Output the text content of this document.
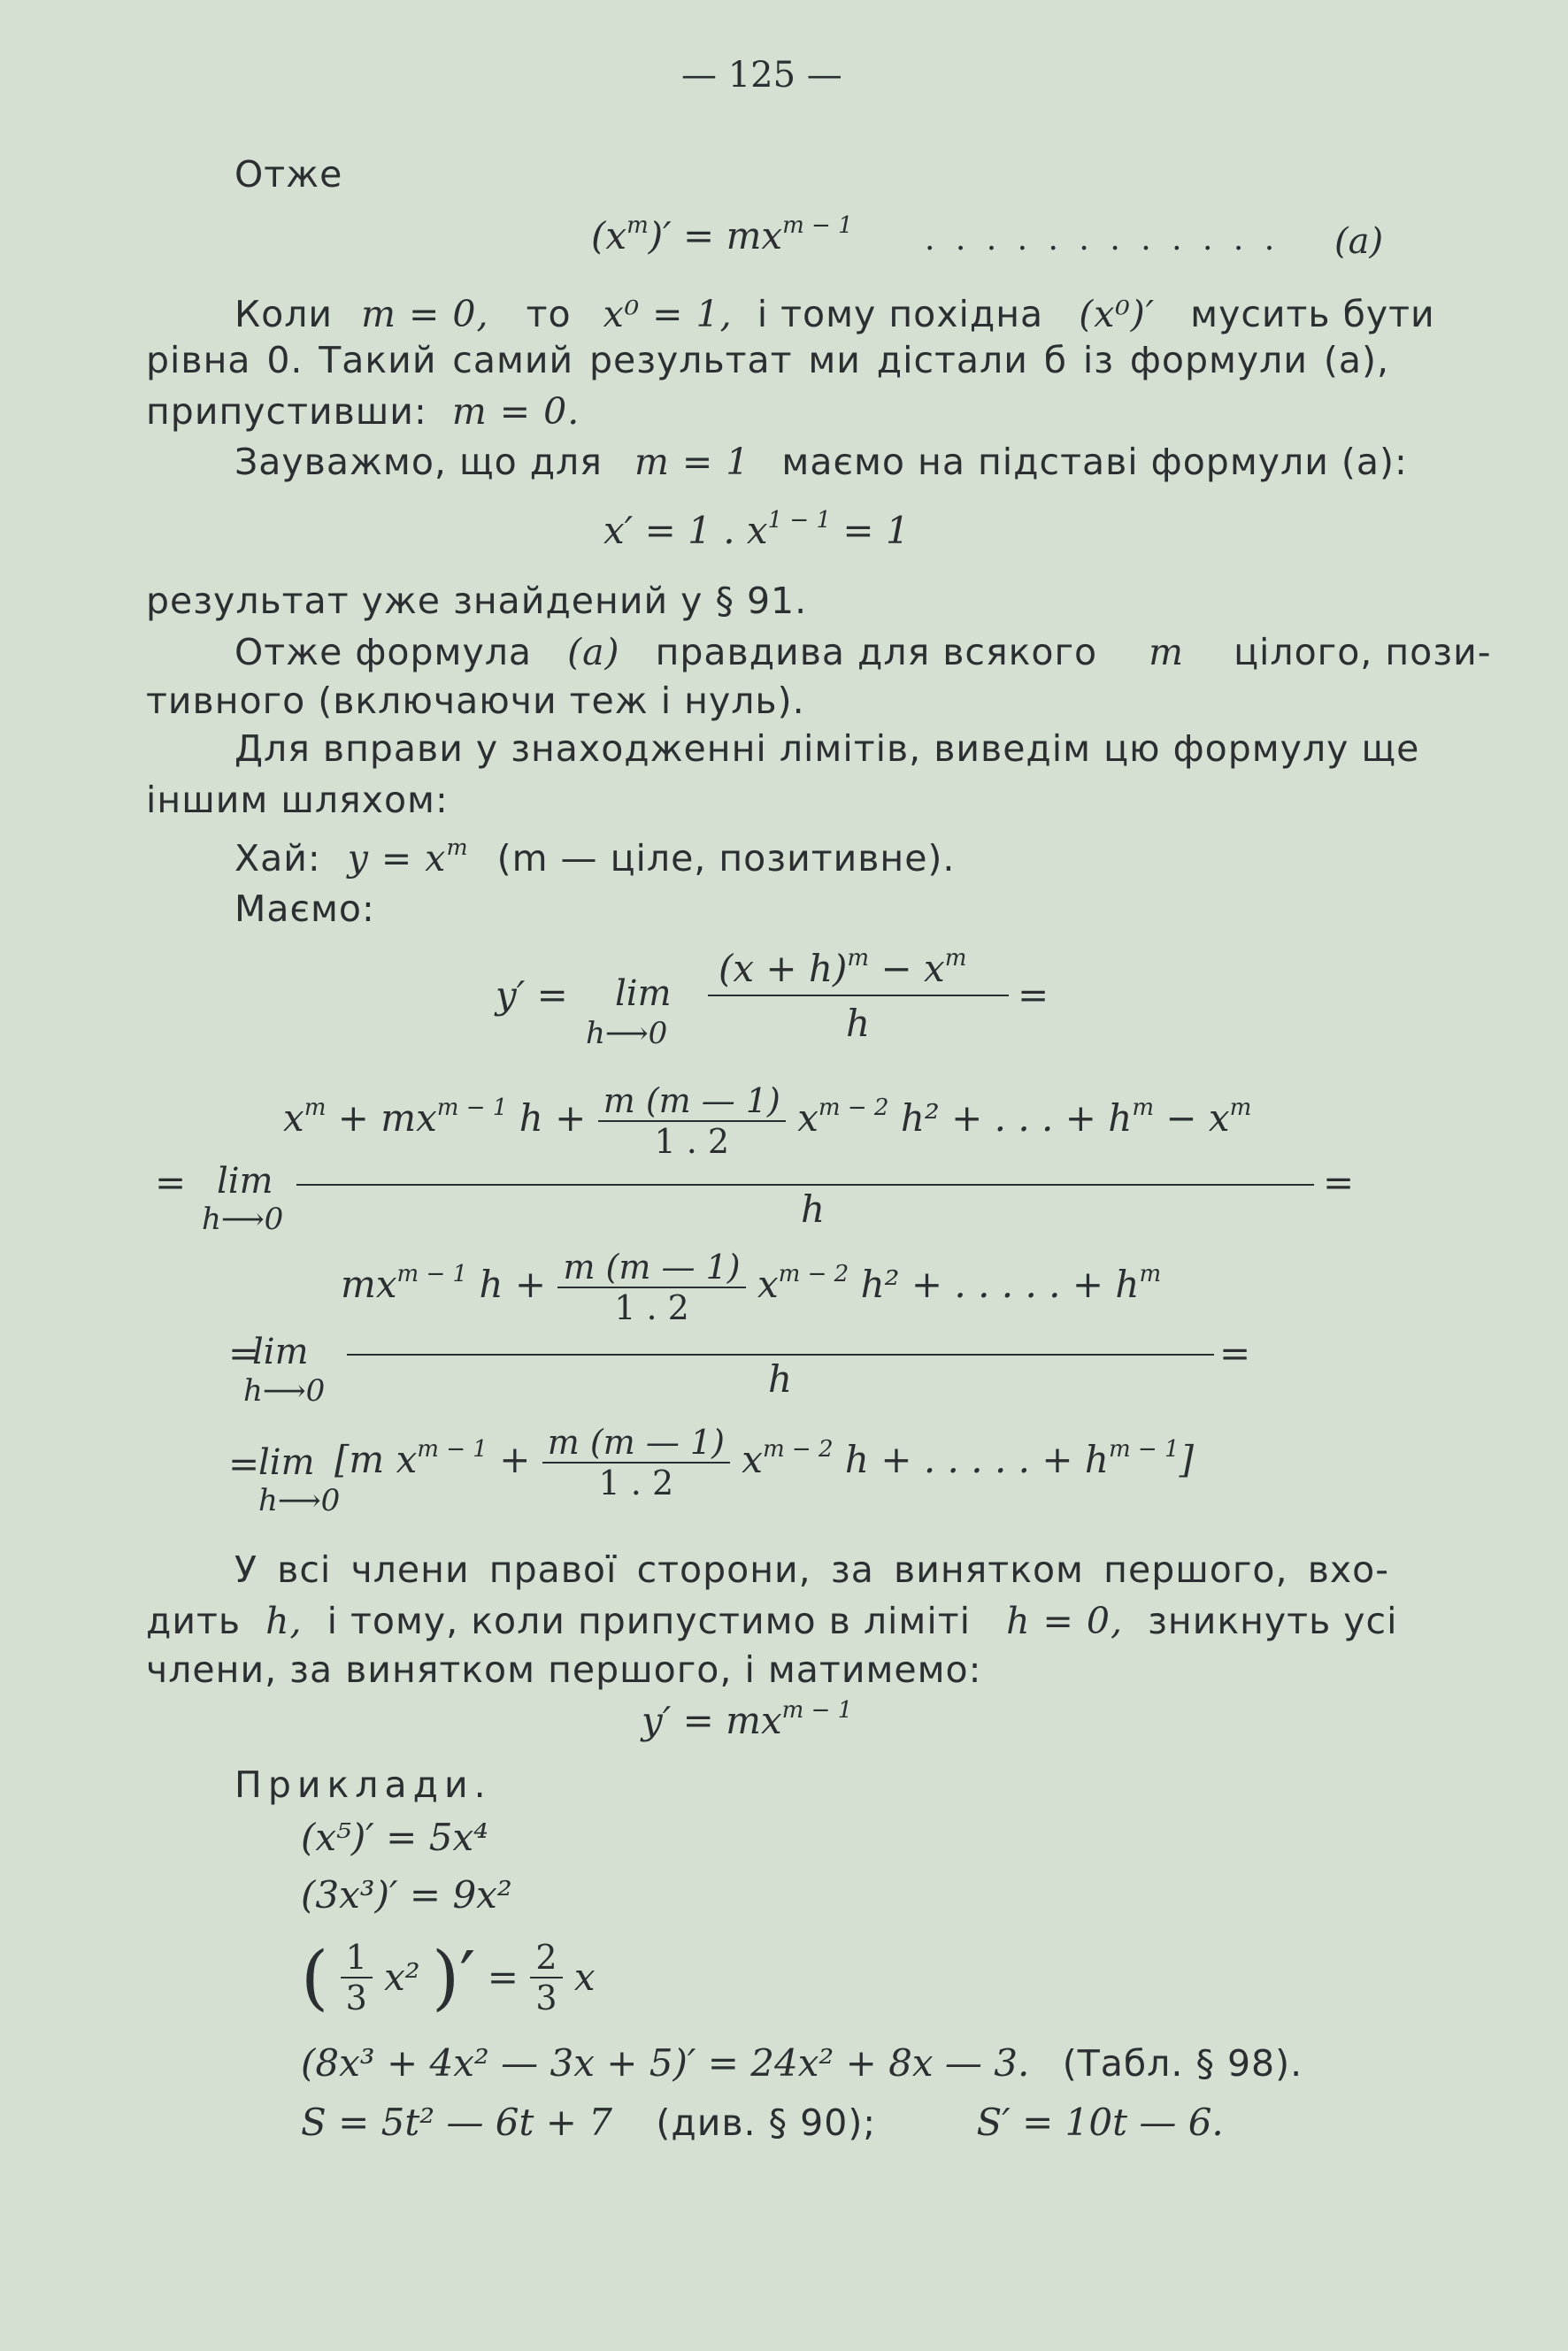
— 125 —
Отже
$(x^m)' = mx^{m - 1}$ . . . . . . . . . . . . (a)
Коли m = 0, то x⁰ = 1, і тому похідна (x⁰)′ мусить бути
рівна 0. Такий самий результат ми дістали б із формули (a),
припустивши: m = 0.
Зауважмо, що для m = 1 маємо на підставі формули (a):
x′ = 1 . $x^{1 - 1} = 1$
результат уже знайдений у § 91.
Отже формула (a) правдива для всякого m цілого, пози-
тивного (включаючи теж і нуль).
Для вправи у знаходженні лімітів, виведім цю формулу ще
іншим шляхом:
Хай: $y = x^m$ (m — ціле, позитивне).
Маємо:
y′ = lim
h⟶0
$(x + h)^m - x^m$
h
=
$x^m + mx^{m - 1}$ $h + \frac{m (m — 1)}{1 . 2} x^{m - 2}$ h² + . . . + $h^m - x^m$
= lim
h⟶0	h
=
$mx^{m - 1}$ $h + \frac{m (m — 1)}{1 . 2} x^{m - 2}$ h² + . . . . . + $h^m$
=
lim
h⟶0	h
=
=
lim
h⟶0
[m $x^{m - 1} + \frac{m (m — 1)}{1 . 2} x^{m - 2}$ h + . . . . . + $h^{m - 1}$]
У всі члени правої сторони, за винятком першого, вхо-
дить h, і тому, коли припустимо в ліміті h = 0, зникнуть усі
члени, за винятком першого, і матимемо:
$y' = mx^{m - 1}$
Приклади.
(x⁵)′ = 5x⁴
(3x³)′ = 9x²
( $\frac{1}{3} x^2$ )′ = $\frac{2}{3}$ x
(8x³ + 4x² — 3x + 5)′ = 24x² + 8x — 3. (Табл. § 98).
S = 5t² — 6t + 7 (див. § 90);	S′ = 10t — 6.
